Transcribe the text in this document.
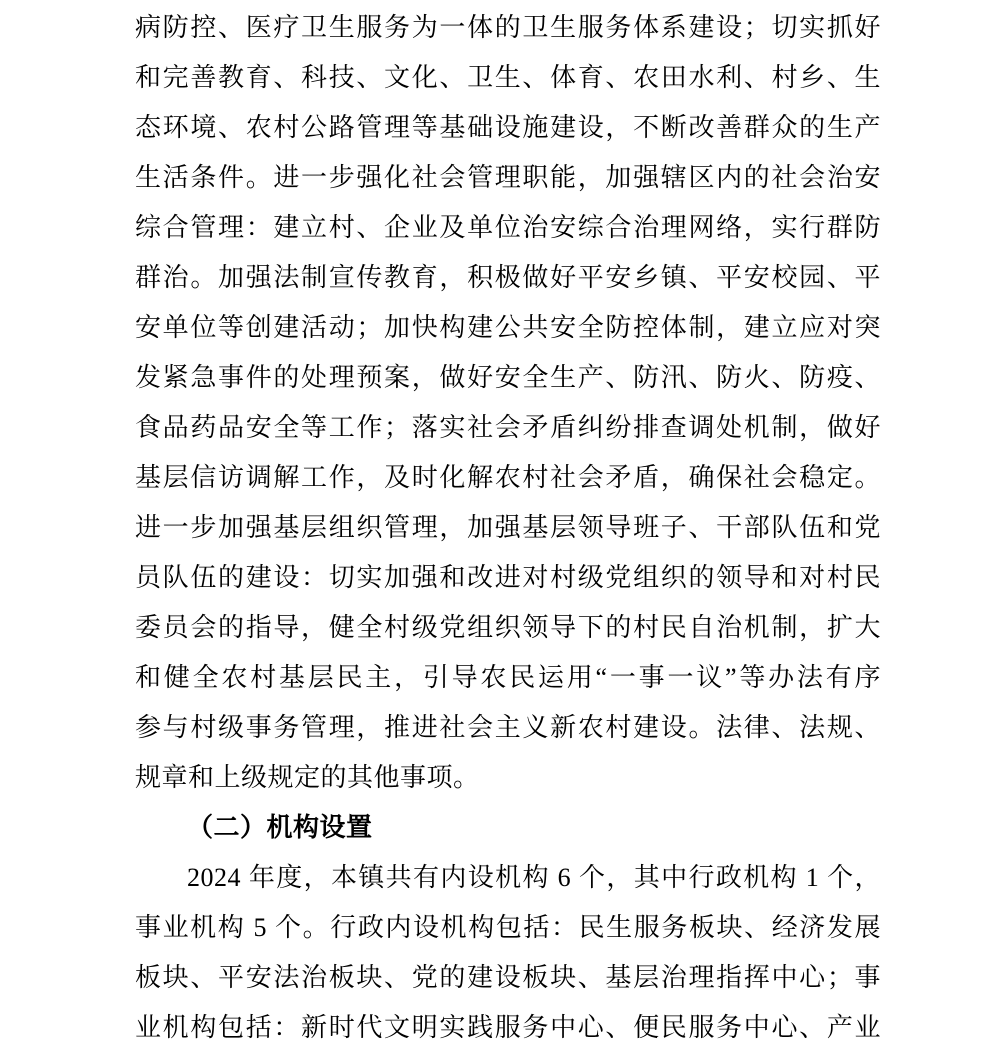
病防控、医疗卫生服务为一体的卫生服务体系建设；切实抓好
和完善教育、科技、文化、卫生、体育、农田水利、村乡、生
态环境、农村公路管理等基础设施建设，不断改善群众的生产
生活条件。进一步强化社会管理职能，加强辖区内的社会治安
综合管理：建立村、企业及单位治安综合治理网络，实行群防
群治。加强法制宣传教育，积极做好平安乡镇、平安校园、平
安单位等创建活动；加快构建公共安全防控体制，建立应对突
发紧急事件的处理预案，做好安全生产、防汛、防火、防疫、
食品药品安全等工作；落实社会矛盾纠纷排查调处机制，做好
基层信访调解工作，及时化解农村社会矛盾，确保社会稳定。
进一步加强基层组织管理，加强基层领导班子、干部队伍和党
员队伍的建设：切实加强和改进对村级党组织的领导和对村民
委员会的指导，健全村级党组织领导下的村民自治机制，扩大
和健全农村基层民主，引导农民运用“一事一议”等办法有序
参与村级事务管理，推进社会主义新农村建设。法律、法规、
规章和上级规定的其他事项。
（二）机构设置
2024 年度，本镇共有内设机构 6 个，其中行政机构 1 个，
事业机构 5 个。行政内设机构包括：民生服务板块、经济发展
板块、平安法治板块、党的建设板块、基层治理指挥中心；事
业机构包括：新时代文明实践服务中心、便民服务中心、产业
